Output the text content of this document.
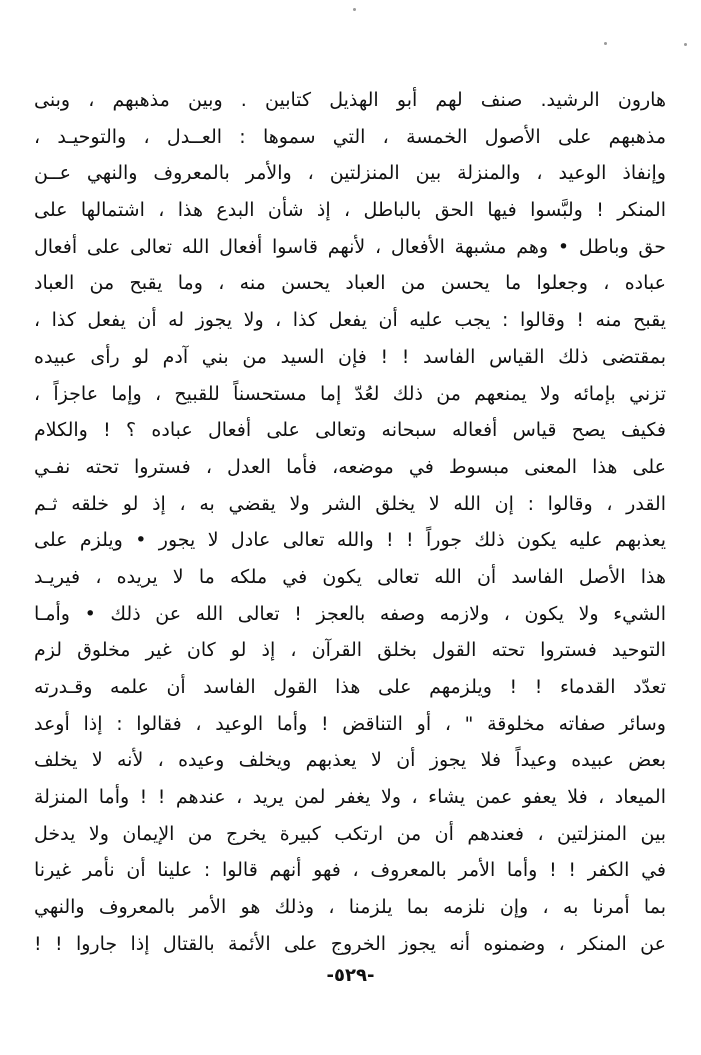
هارون الرشيد. صنف لهم أبو الهذيل كتابين . وبين مذهبهم ، وبنى
مذهبهم على الأصول الخمسة ، التي سموها : العــدل ، والتوحيـد ،
وإنفاذ الوعيد ، والمنزلة بين المنزلتين ، والأمر بالمعروف والنهي عــن
المنكر ! ولبَّسوا فيها الحق بالباطل ، إذ شأن البدع هذا ، اشتمالها على
حق وباطل • وهم مشبهة الأفعال ، لأنهم قاسوا أفعال الله تعالى على أفعال
عباده ، وجعلوا ما يحسن من العباد يحسن منه ، وما يقبح من العباد
يقبح منه ! وقالوا : يجب عليه أن يفعل كذا ، ولا يجوز له أن يفعل كذا ،
بمقتضى ذلك القياس الفاسد ! ! فإن السيد من بني آدم لو رأى عبيده
تزني بإمائه ولا يمنعهم من ذلك لعُدّ إما مستحسناً للقبيح ، وإما عاجزاً ،
فكيف يصح قياس أفعاله سبحانه وتعالى على أفعال عباده ؟ ! والكلام
على هذا المعنى مبسوط في موضعه، فأما العدل ، فستروا تحته نفـي
القدر ، وقالوا : إن الله لا يخلق الشر ولا يقضي به ، إذ لو خلقه ثـم
يعذبهم عليه يكون ذلك جوراً ! ! والله تعالى عادل لا يجور • ويلزم على
هذا الأصل الفاسد أن الله تعالى يكون في ملكه ما لا يريده ، فيريـد
الشيء ولا يكون ، ولازمه وصفه بالعجز ! تعالى الله عن ذلك • وأمـا
التوحيد فستروا تحته القول بخلق القرآن ، إذ لو كان غير مخلوق لزم
تعدّد القدماء ! ! ويلزمهم على هذا القول الفاسد أن علمه وقـدرته
وسائر صفاته مخلوقة " ، أو التناقض ! وأما الوعيد ، فقالوا : إذا أوعد
بعض عبيده وعيداً فلا يجوز أن لا يعذبهم ويخلف وعيده ، لأنه لا يخلف
الميعاد ، فلا يعفو عمن يشاء ، ولا يغفر لمن يريد ، عندهم ! ! وأما المنزلة
بين المنزلتين ، فعندهم أن من ارتكب كبيرة يخرج من الإيمان ولا يدخل
في الكفر ! ! وأما الأمر بالمعروف ، فهو أنهم قالوا : علينا أن نأمر غيرنا
بما أمرنا به ، وإن نلزمه بما يلزمنا ، وذلك هو الأمر بالمعروف والنهي
عن المنكر ، وضمنوه أنه يجوز الخروج على الأئمة بالقتال إذا جاروا ! !
-٥٢٩-
